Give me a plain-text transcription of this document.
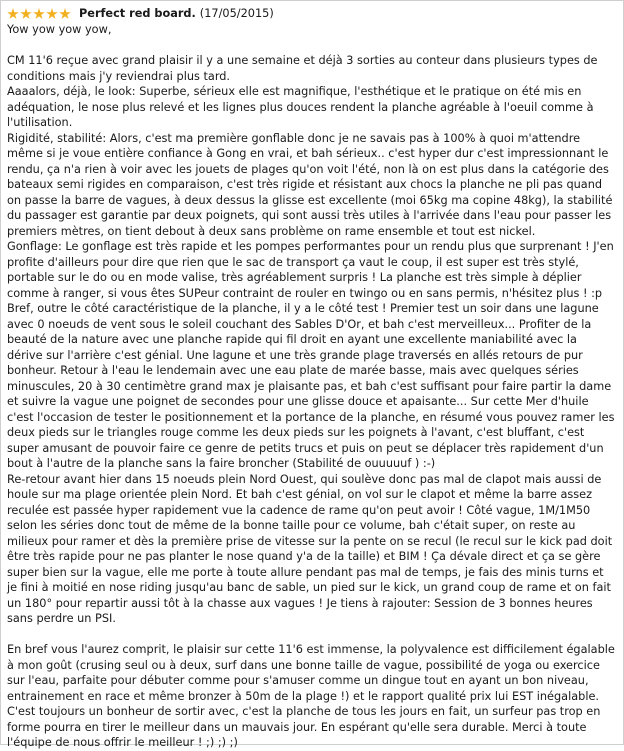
Perfect red board. (17/05/2015)

Yow yow yow yow,

CM 11'6 reçue avec grand plaisir il y a une semaine et déjà 3 sorties au conteur dans plusieurs types de conditions mais j'y reviendrai plus tard.

Aaaalors, déjà, le look: Superbe, sérieux elle est magnifique, l'esthétique et le pratique on été mis en adéquation, le nose plus relevé et les lignes plus douces rendent la planche agréable à l'oeuil comme à l'utilisation.

Rigidité, stabilité: Alors, c'est ma première gonflable donc je ne savais pas à 100% à quoi m'attendre même si je voue entière confiance à Gong en vrai, et bah sérieux.. c'est hyper dur c'est impressionnant le rendu, ça n'a rien à voir avec les jouets de plages qu'on voit l'été, non là on est plus dans la catégorie des bateaux semi rigides en comparaison, c'est très rigide et résistant aux chocs la planche ne pli pas quand on passe la barre de vagues, à deux dessus la glisse est excellente (moi 65kg ma copine 48kg), la stabilité du passager est garantie par deux poignets, qui sont aussi très utiles à l'arrivée dans l'eau pour passer les premiers mètres, on tient debout à deux sans problème on rame ensemble et tout est nickel.

Gonflage: Le gonflage est très rapide et les pompes performantes pour un rendu plus que surprenant ! J'en profite d'ailleurs pour dire que rien que le sac de transport ça vaut le coup, il est super est très stylé, portable sur le do ou en mode valise, très agréablement surpris ! La planche est très simple à déplier comme à ranger, si vous êtes SUPeur contraint de rouler en twingo ou en sans permis, n'hésitez plus ! :p

Bref, outre le côté caractéristique de la planche, il y a le côté test ! Premier test un soir dans une lagune avec 0 noeuds de vent sous le soleil couchant des Sables D'Or, et bah c'est merveilleux... Profiter de la beauté de la nature avec une planche rapide qui fil droit en ayant une excellente maniabilité avec la dérive sur l'arrière c'est génial. Une lagune et une très grande plage traversés en allés retours de pur bonheur. Retour à l'eau le lendemain avec une eau plate de marée basse, mais avec quelques séries minuscules, 20 à 30 centimètre grand max je plaisante pas, et bah c'est suffisant pour faire partir la dame et suivre la vague une poignet de secondes pour une glisse douce et apaisante... Sur cette Mer d'huile c'est l'occasion de tester le positionnement et la portance de la planche, en résumé vous pouvez ramer les deux pieds sur le triangles rouge comme les deux pieds sur les poignets à l'avant, c'est bluffant, c'est super amusant de pouvoir faire ce genre de petits trucs et puis on peut se déplacer très rapidement d'un bout à l'autre de la planche sans la faire broncher (Stabilité de ouuuuuf ) :-)

Re-retour avant hier dans 15 noeuds plein Nord Ouest, qui soulève donc pas mal de clapot mais aussi de houle sur ma plage orientée plein Nord. Et bah c'est génial, on vol sur le clapot et même la barre assez reculée est passée hyper rapidement vue la cadence de rame qu'on peut avoir ! Côté vague, 1M/1M50 selon les séries donc tout de même de la bonne taille pour ce volume, bah c'était super, on reste au milieux pour ramer et dès la première prise de vitesse sur la pente on se recul (le recul sur le kick pad doit être très rapide pour ne pas planter le nose quand y'a de la taille) et BIM ! Ça dévale direct et ça se gère super bien sur la vague, elle me porte à toute allure pendant pas mal de temps, je fais des minis turns et je fini à moitié en nose riding jusqu'au banc de sable, un pied sur le kick, un grand coup de rame et on fait un 180° pour repartir aussi tôt à la chasse aux vagues ! Je tiens à rajouter: Session de 3 bonnes heures sans perdre un PSI.

En bref vous l'aurez comprit, le plaisir sur cette 11'6 est immense, la polyvalence est difficilement égalable à mon goût (crusing seul ou à deux, surf dans une bonne taille de vague, possibilité de yoga ou exercice sur l'eau, parfaite pour débuter comme pour s'amuser comme un dingue tout en ayant un bon niveau, entrainement en race et même bronzer à 50m de la plage !) et le rapport qualité prix lui EST inégalable. C'est toujours un bonheur de sortir avec, c'est la planche de tous les jours en fait, un surfeur pas trop en forme pourra en tirer le meilleur dans un mauvais jour. En espérant qu'elle sera durable. Merci à toute l'équipe de nous offrir le meilleur ! ;) ;) ;)
